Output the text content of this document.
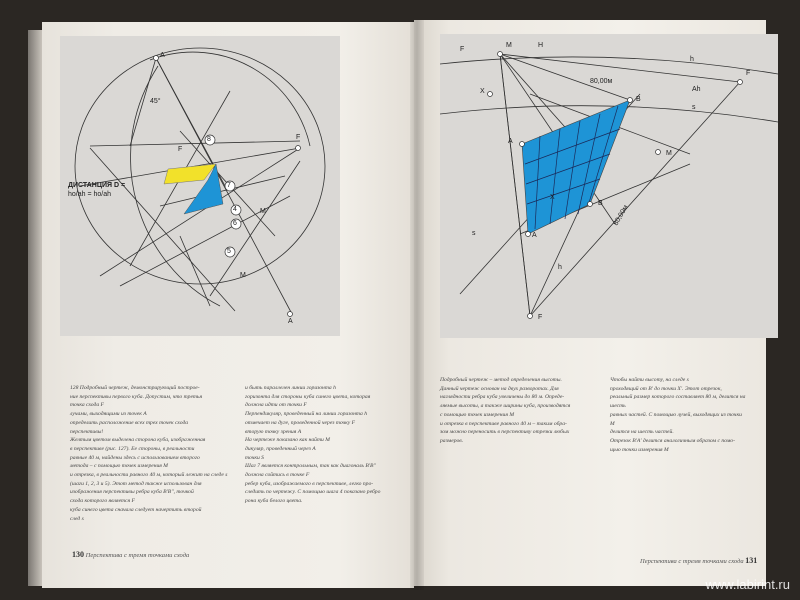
ДИСТАНЦИЯ D =
ho/ah = ho/ah
A
F
A
M
F
M
45°
4
5
6
7
8
F
M	H
h
Ah
s
F
X
B
B
A
A
X
M
s
h
F
80,00м
80,00м

128 Подробный чертеж, демонстрирующий построе-

ние перспективы первого куба. Допустим, что третья

точка схода F

лучами, выходящими из точек A

определить расположение всех трех точек схода

перспективы!

Желтым цветом выделена сторона куба, изображенная

в перспективе (рис. 127). Ее стороны, в реальности

равные 40 м, найдены здесь с использованием второго

метода – с помощью точек измерения M

и отрезка, в реальности равного 40 м, который лежит на следе s

(шаги 1, 2, 3 и 5). Этот метод также использован для

изображения перспективы ребра куба B'B'', точкой

схода которого является F

куба синего цвета сначала следует начертить второй

след s

и быть параллелен линии горизонта h

горизонта для стороны куба синего цвета, которая

должна идти от точки F

Перпендикуляр, проведенный на линии горизонта h

отмечает на дуге, проведенной через точку F

вторую точку зрения A

На чертеже показано как найти M

дикуляр, проведенный через A

точки S

Шаг 7 является контрольным, так как диагональ B'B''

должна сойтись в точке F

ребер куба, изображаемого в перспективе, легко про-

следить по чертежу. С помощью шага 4 показано ребро

рона куба белого цвета.

Подробный чертеж – метод определения высоты.

Данный чертеж основан на двух разворотах. Для

наглядности ребра куба увеличены до 80 м. Опреде-

ляемые высоты, а также ширины куба, производятся

с помощью точек измерения M

и отрезка в перспективе равного 40 м – таким обра-

зом можно переносить в перспективу отрезки любых

размеров.

Чтобы найти высоту, на следе s

проходящий от B' до точки X'. Этот отрезок,

реальный размер которого составляет 80 м, делится на шесть

равных частей. С помощью лучей, выходящих из точки

M

делится на шесть частей.

Отрезок B'A' делится аналогичным образом с помо-

щью точки измерения M

130 Перспектива с тремя точками схода
Перспектива с тремя точками схода 131
www.labirint.ru
